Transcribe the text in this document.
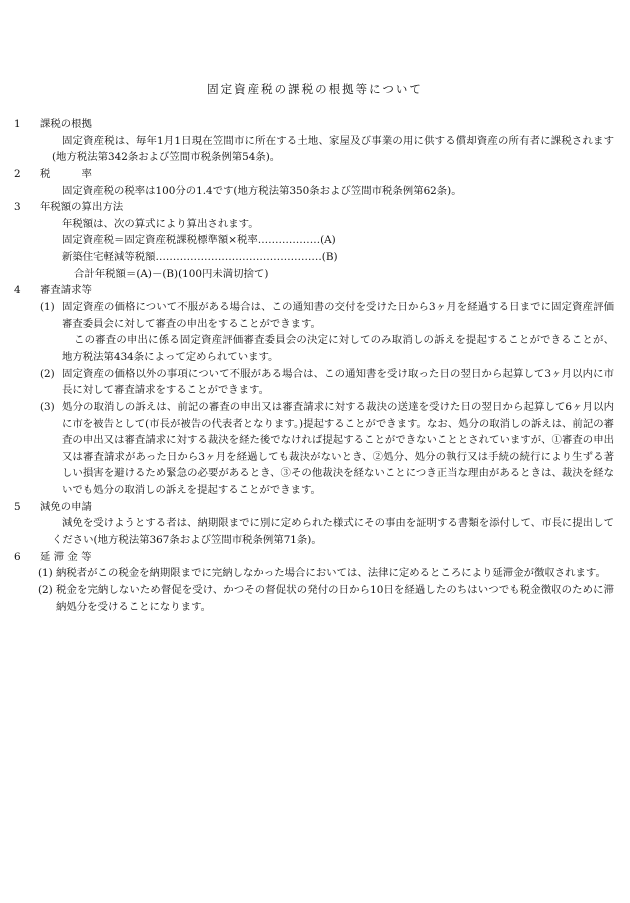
固定資産税の課税の根拠等について
1	課税の根拠
固定資産税は、毎年1月1日現在笠間市に所在する土地、家屋及び事業の用に供する償却資産の所有者に課税されます(地方税法第342条および笠間市税条例第54条)。
2	税　　　率
固定資産税の税率は100分の1.4です(地方税法第350条および笠間市税条例第62条)。
3	年税額の算出方法
年税額は、次の算式により算出されます。
固定資産税＝固定資産税課税標準額×税率………………(A)
新築住宅軽減等税額…………………………………………(B)
合計年税額＝(A)－(B)(100円未満切捨て)
4	審査請求等
(1) 固定資産の価格について不服がある場合は、この通知書の交付を受けた日から3ヶ月を経過する日までに固定資産評価審査委員会に対して審査の申出をすることができます。
この審査の申出に係る固定資産評価審査委員会の決定に対してのみ取消しの訴えを提起することができることが、地方税法第434条によって定められています。
(2) 固定資産の価格以外の事項について不服がある場合は、この通知書を受け取った日の翌日から起算して3ヶ月以内に市長に対して審査請求をすることができます。
(3) 処分の取消しの訴えは、前記の審査の申出又は審査請求に対する裁決の送達を受けた日の翌日から起算して6ヶ月以内に市を被告として(市長が被告の代表者となります。)提起することができます。なお、処分の取消しの訴えは、前記の審査の申出又は審査請求に対する裁決を経た後でなければ提起することができないこととされていますが、①審査の申出又は審査請求があった日から3ヶ月を経過しても裁決がないとき、②処分、処分の執行又は手続の続行により生ずる著しい損害を避けるため緊急の必要があるとき、③その他裁決を経ないことにつき正当な理由があるときは、裁決を経ないでも処分の取消しの訴えを提起することができます。
5	減免の申請
減免を受けようとする者は、納期限までに別に定められた様式にその事由を証明する書類を添付して、市長に提出してください(地方税法第367条および笠間市税条例第71条)。
6	延 滞 金 等
(1) 納税者がこの税金を納期限までに完納しなかった場合においては、法律に定めるところにより延滞金が徴収されます。
(2) 税金を完納しないため督促を受け、かつその督促状の発付の日から10日を経過したのちはいつでも税金徴収のために滞納処分を受けることになります。
